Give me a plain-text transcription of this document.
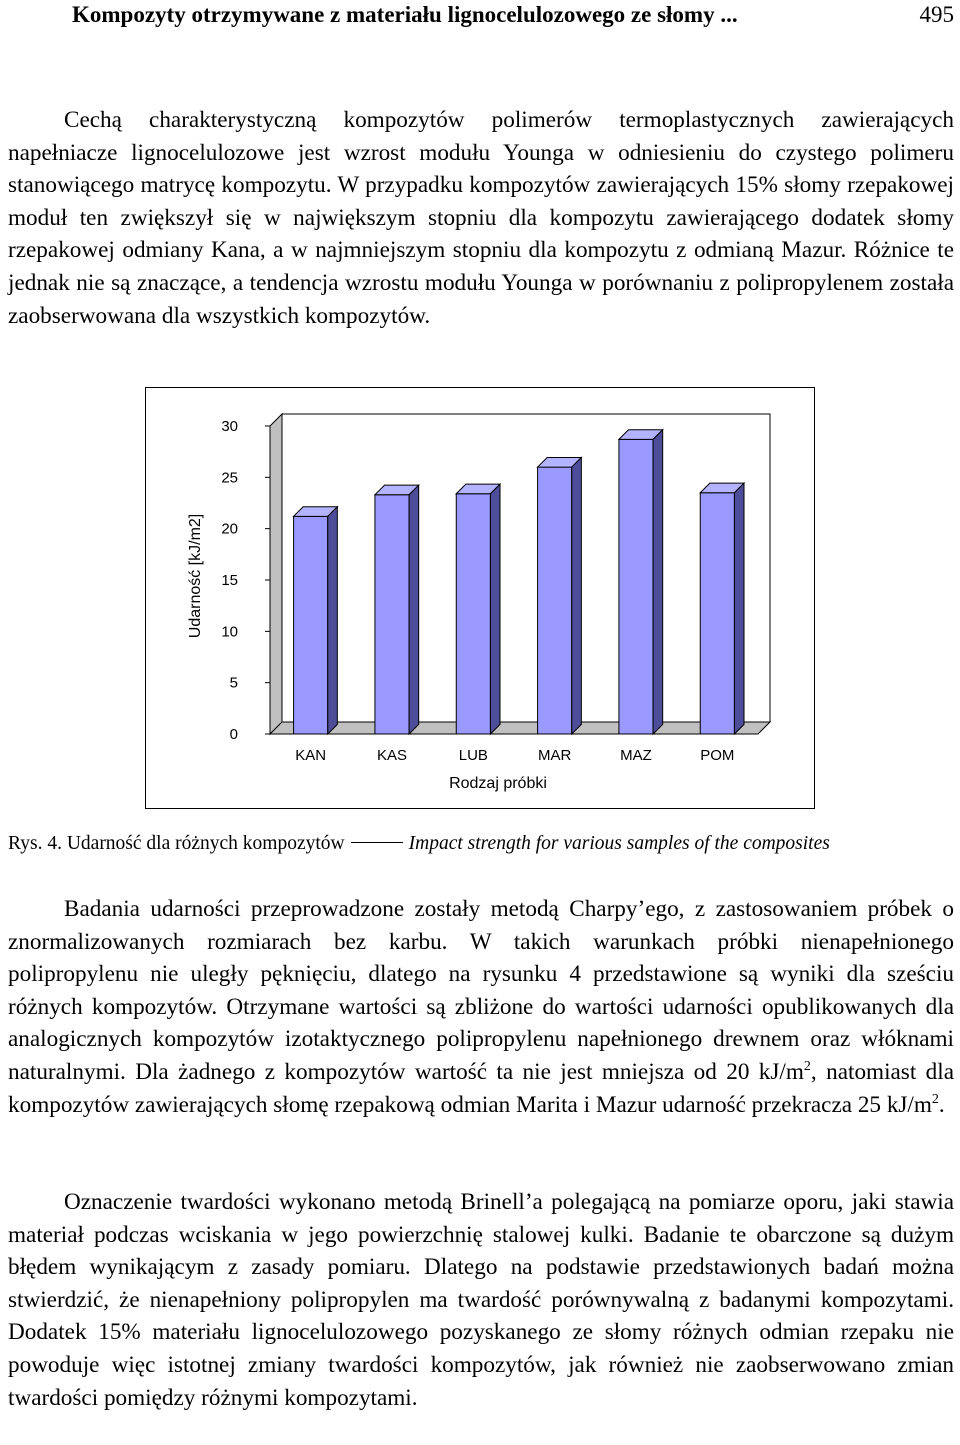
Kompozyty otrzymywane z materiału lignocelulozowego ze słomy ...	495

Cechą charakterystyczną kompozytów polimerów termoplastycznych zawierających napełniacze lignocelulozowe jest wzrost modułu Younga w odniesieniu do czystego polimeru stanowiącego matrycę kompozytu. W przypadku kompozytów zawierających 15% słomy rzepakowej moduł ten zwiększył się w największym stopniu dla kompozytu zawierającego dodatek słomy rzepakowej odmiany Kana, a w najmniejszym stopniu dla kompozytu z odmianą Mazur. Różnice te jednak nie są znaczące, a tendencja wzrostu modułu Younga w porównaniu z polipropylenem została zaobserwowana dla wszystkich kompozytów.

0
5
10
15
20
25
30
KAN	KAS	LUB	MAR	MAZ	POM
Rodzaj próbki
Udarność [kJ/m2]
Rys. 4. Udarność dla różnych kompozytów	Impact strength for various samples of the composites

Badania udarności przeprowadzone zostały metodą Charpy’ego, z zastosowaniem próbek o znormalizowanych rozmiarach bez karbu. W takich warunkach próbki nienapełnionego polipropylenu nie uległy pęknięciu, dlatego na rysunku 4 przedstawione są wyniki dla sześciu różnych kompozytów. Otrzymane wartości są zbliżone do wartości udarności opublikowanych dla analogicznych kompozytów izotaktycznego polipropylenu napełnionego drewnem oraz włóknami naturalnymi. Dla żadnego z kompozytów wartość ta nie jest mniejsza od 20 $kJ/m^2$, natomiast dla kompozytów zawierających słomę rzepakową odmian Marita i Mazur udarność przekracza 25 $kJ/m^2$.

Oznaczenie twardości wykonano metodą Brinell’a polegającą na pomiarze oporu, jaki stawia materiał podczas wciskania w jego powierzchnię stalowej kulki. Badanie te obarczone są dużym błędem wynikającym z zasady pomiaru. Dlatego na podstawie przedstawionych badań można stwierdzić, że nienapełniony polipropylen ma twardość porównywalną z badanymi kompozytami. Dodatek 15% materiału lignocelulozowego pozyskanego ze słomy różnych odmian rzepaku nie powoduje więc istotnej zmiany twardości kompozytów, jak również nie zaobserwowano zmian twardości pomiędzy różnymi kompozytami.
